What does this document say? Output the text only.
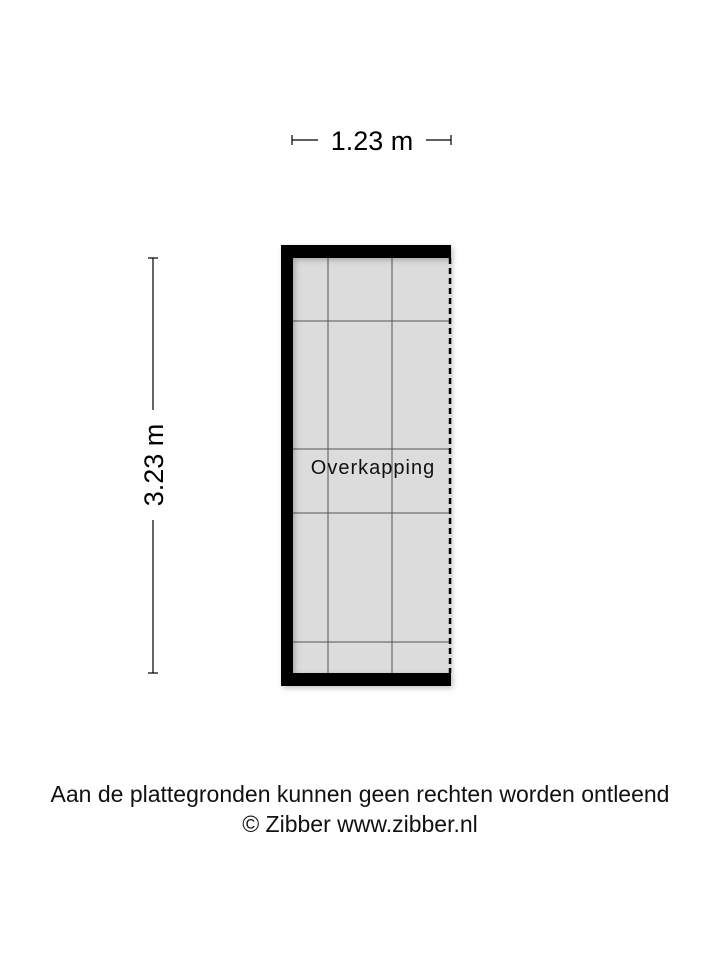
1.23 m
3.23 m	Overkapping
Aan de plattegronden kunnen geen rechten worden ontleend
© Zibber www.zibber.nl
